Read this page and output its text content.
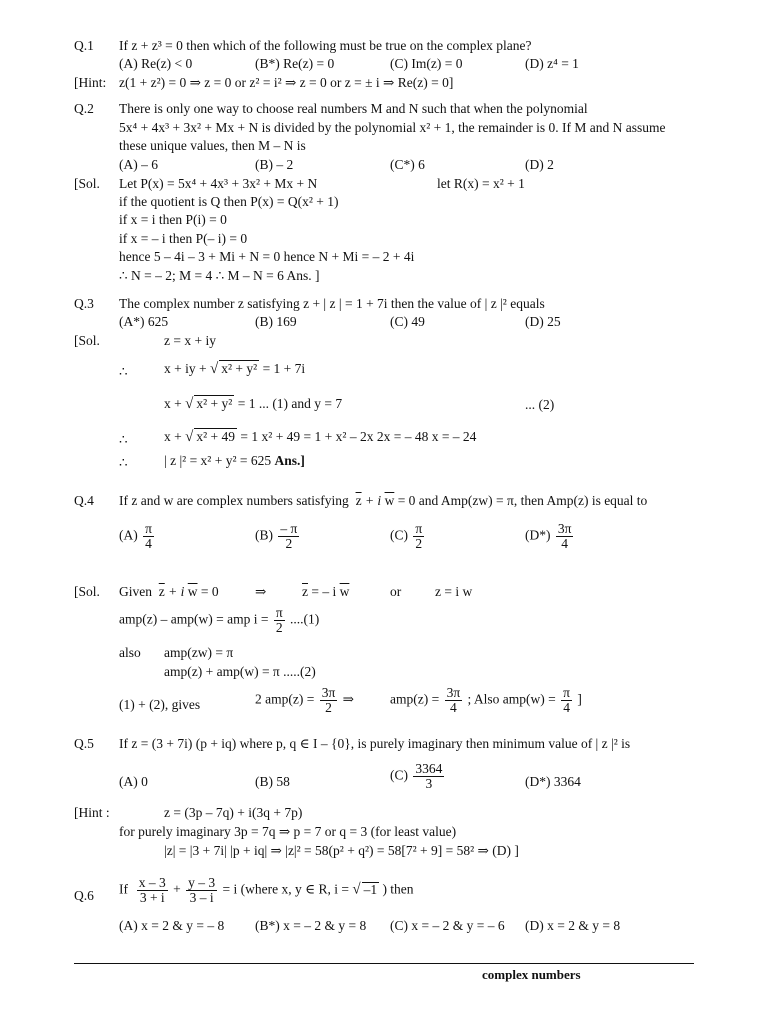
Q.1 If z + z³ = 0 then which of the following must be true on the complex plane?
(A) Re(z) < 0	(B*) Re(z) = 0	(C) Im(z) = 0	(D) z⁴ = 1
[Hint: z(1 + z²) = 0 ⇒ z = 0 or z² = i² ⇒ z = 0 or z = ± i ⇒ Re(z) = 0]
Q.2 There is only one way to choose real numbers M and N such that when the polynomial
5x⁴ + 4x³ + 3x² + Mx + N is divided by the polynomial x² + 1, the remainder is 0. If M and N assume
these unique values, then M – N is
(A) – 6	(B) – 2	(C*) 6	(D) 2
[Sol. Let P(x) = 5x⁴ + 4x³ + 3x² + Mx + N	let R(x) = x² + 1
if the quotient is Q then P(x) = Q(x² + 1)
if x = i then P(i) = 0
if x = – i then P(– i) = 0
hence 5 – 4i – 3 + Mi + N = 0 hence N + Mi = – 2 + 4i
∴ N = – 2; M = 4 ∴ M – N = 6 Ans. ]
Q.3 The complex number z satisfying z + | z | = 1 + 7i then the value of | z |² equals
(A*) 625	(B) 169	(C) 49	(D) 25
[Sol.	z = x + iy
∴	x + iy + √ x² + y² = 1 + 7i
x + √ x² + y² = 1 ... (1) and y = 7	... (2)
∴	x + √ x² + 49 = 1 x² + 49 = 1 + x² – 2x 2x = – 48 x = – 24
∴	| z |² = x² + y² = 625 Ans.]
Q.4 If z and w are complex numbers satisfying $\overline{z} + i$ $\overline{w} = 0$ and Amp(zw) = π, then Amp(z) is equal to
$(A) \frac{\pi}{4}$	$(B) \frac{- \pi}{2}$	$(C) \frac{\pi}{2}$	$(D*) \frac{3\pi}{4}$
[Sol. Given $\overline{z} + i$ $\overline{w} = 0$	⇒	$\overline{z}$ = – i $\overline{w}$	or	z = i w
amp(z) – amp(w) = amp $i = \frac{\pi}{2} ....(1)$
also amp(zw) = π
amp(z) + amp(w) = π .....(2)
(1) + (2), gives	2 $amp(z) = \frac{3\pi}{2}$ ⇒	$amp(z) = \frac{3\pi}{4}$ ; Also $amp(w) = \frac{\pi}{4}$ ]
Q.5 If z = (3 + 7i) (p + iq) where p, q ∈ I – {0}, is purely imaginary then minimum value of | z |² is
(A) 0	(B) 58	$(C) \frac{3364}{3}$	(D*) 3364
[Hint :	z = (3p – 7q) + i(3q + 7p)
for purely imaginary 3p = 7q ⇒ p = 7 or q = 3 (for least value)
|z| = |3 + 7i| |p + iq| ⇒ |z|² = 58(p² + q²) = 58[7² + 9] = 58² ⇒ (D) ]
Q.6 If $\frac{x - 3}{3 + i} + \frac{y - 3}{3 - i} = i$ (where x, y ∈ R, i = √ –1 ) then
(A) x = 2 & y = – 8 (B*) x = – 2 & y = 8 (C) x = – 2 & y = – 6 (D) x = 2 & y = 8
complex numbers
